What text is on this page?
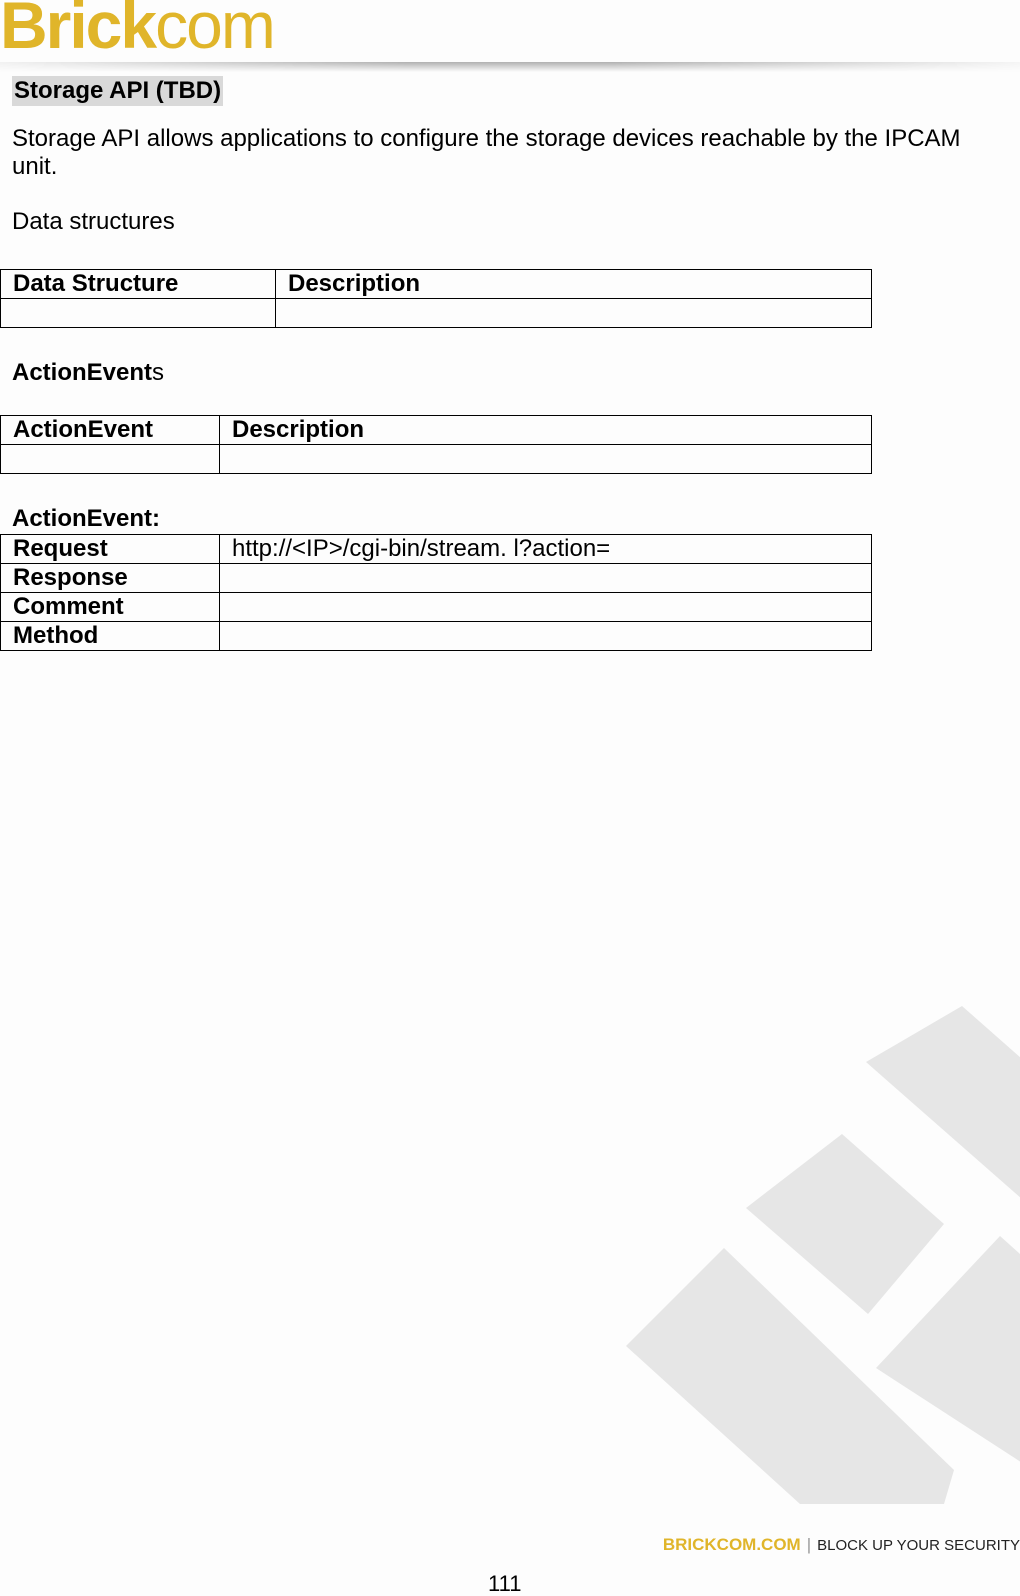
Brickcom
Storage API (TBD)
Storage API allows applications to configure the storage devices reachable by the IPCAM unit.
Data structures
Data Structure	Description

ActionEvents
ActionEvent	Description

ActionEvent:
Request	http://<IP>/cgi-bin/stream. l?action=
Response	
Comment	
Method	
BRICKCOM.COM | BLOCK UP YOUR SECURITY
111
